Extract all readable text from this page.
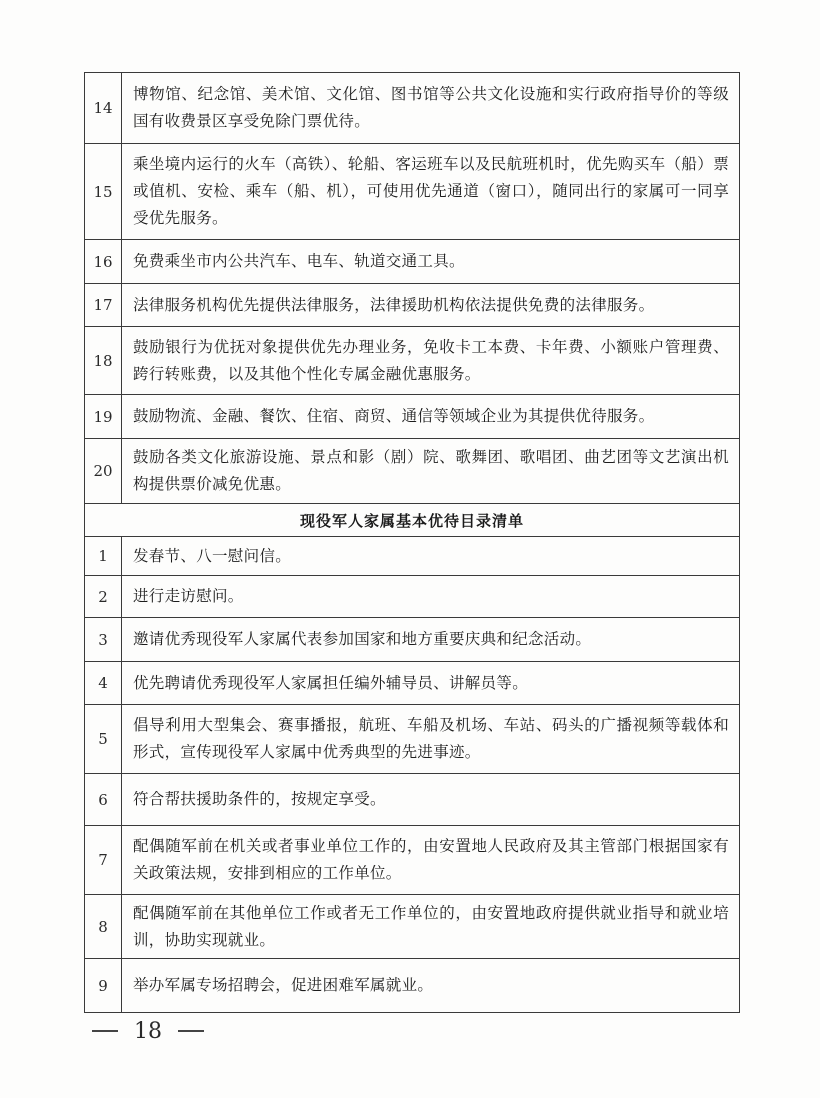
14	博物馆、纪念馆、美术馆、文化馆、图书馆等公共文化设施和实行政府指导价的等级国有收费景区享受免除门票优待。
15	乘坐境内运行的火车（高铁）、轮船、客运班车以及民航班机时，优先购买车（船）票或值机、安检、乘车（船、机），可使用优先通道（窗口），随同出行的家属可一同享受优先服务。
16	免费乘坐市内公共汽车、电车、轨道交通工具。
17	法律服务机构优先提供法律服务，法律援助机构依法提供免费的法律服务。
18	鼓励银行为优抚对象提供优先办理业务，免收卡工本费、卡年费、小额账户管理费、跨行转账费，以及其他个性化专属金融优惠服务。
19	鼓励物流、金融、餐饮、住宿、商贸、通信等领域企业为其提供优待服务。
20	鼓励各类文化旅游设施、景点和影（剧）院、歌舞团、歌唱团、曲艺团等文艺演出机构提供票价减免优惠。
现役军人家属基本优待目录清单	
1	发春节、八一慰问信。
2	进行走访慰问。
3	邀请优秀现役军人家属代表参加国家和地方重要庆典和纪念活动。
4	优先聘请优秀现役军人家属担任编外辅导员、讲解员等。
5	倡导利用大型集会、赛事播报，航班、车船及机场、车站、码头的广播视频等载体和形式，宣传现役军人家属中优秀典型的先进事迹。
6	符合帮扶援助条件的，按规定享受。
7	配偶随军前在机关或者事业单位工作的，由安置地人民政府及其主管部门根据国家有关政策法规，安排到相应的工作单位。
8	配偶随军前在其他单位工作或者无工作单位的，由安置地政府提供就业指导和就业培训，协助实现就业。
9	举办军属专场招聘会，促进困难军属就业。
18
